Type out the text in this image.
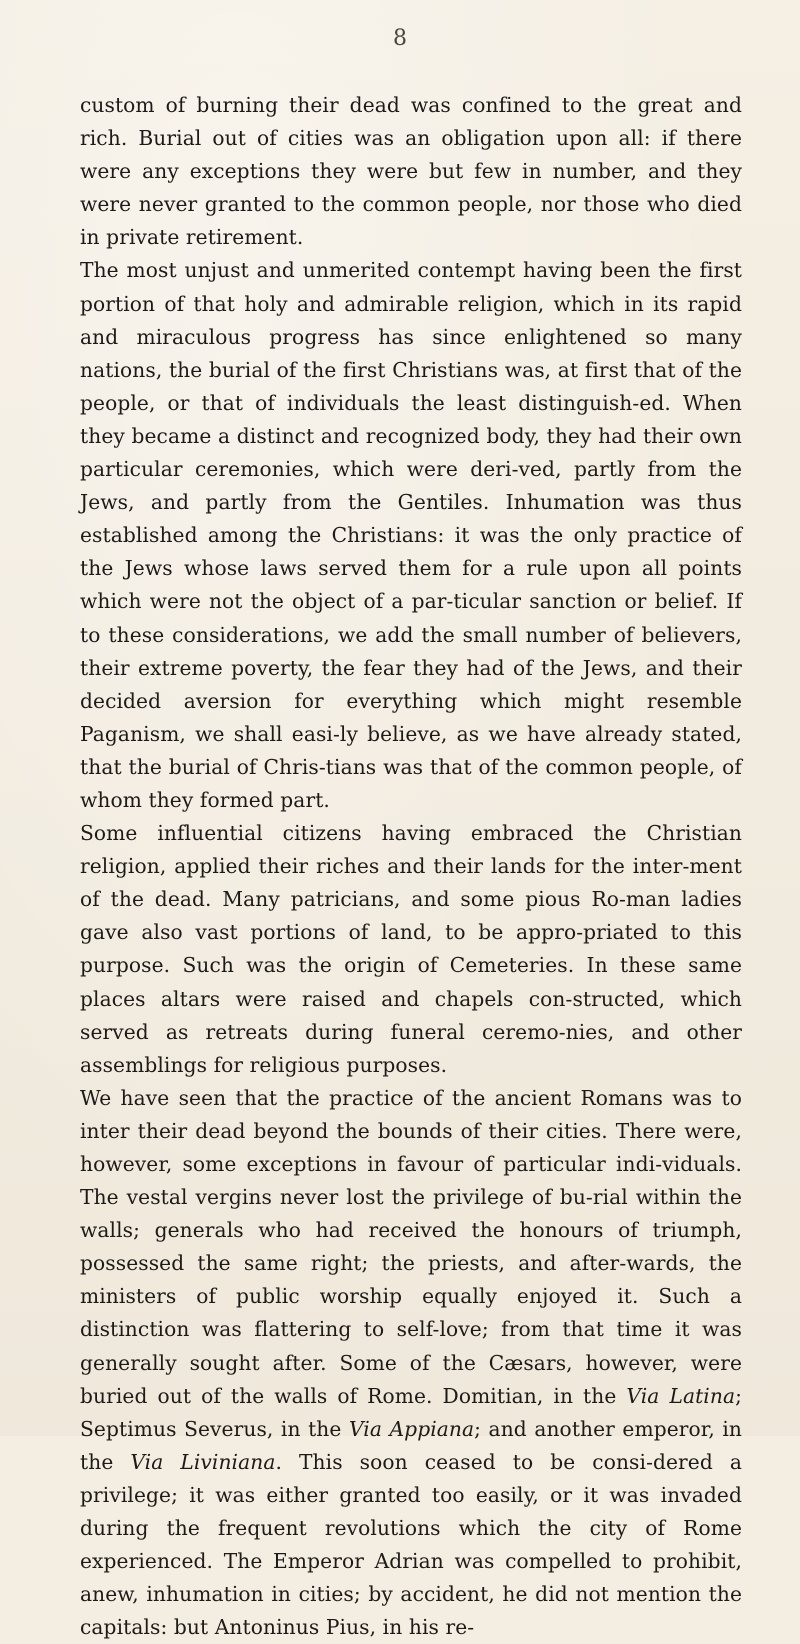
8

custom of burning their dead was confined to the great and rich. Burial out of cities was an obligation upon all: if there were any exceptions they were but few in number, and they were never granted to the common people, nor those who died in private retirement.

The most unjust and unmerited contempt having been the first portion of that holy and admirable religion, which in its rapid and miraculous progress has since enlightened so many nations, the burial of the first Christians was, at first that of the people, or that of individuals the least distinguish-ed. When they became a distinct and recognized body, they had their own particular ceremonies, which were deri-ved, partly from the Jews, and partly from the Gentiles. Inhumation was thus established among the Christians: it was the only practice of the Jews whose laws served them for a rule upon all points which were not the object of a par-ticular sanction or belief. If to these considerations, we add the small number of believers, their extreme poverty, the fear they had of the Jews, and their decided aversion for everything which might resemble Paganism, we shall easi-ly believe, as we have already stated, that the burial of Chris-tians was that of the common people, of whom they formed part.

Some influential citizens having embraced the Christian religion, applied their riches and their lands for the inter-ment of the dead. Many patricians, and some pious Ro-man ladies gave also vast portions of land, to be appro-priated to this purpose. Such was the origin of Cemeteries. In these same places altars were raised and chapels con-structed, which served as retreats during funeral ceremo-nies, and other assemblings for religious purposes.

We have seen that the practice of the ancient Romans was to inter their dead beyond the bounds of their cities. There were, however, some exceptions in favour of particular indi-viduals. The vestal vergins never lost the privilege of bu-rial within the walls; generals who had received the honours of triumph, possessed the same right; the priests, and after-wards, the ministers of public worship equally enjoyed it. Such a distinction was flattering to self-love; from that time it was generally sought after. Some of the Cæsars, however, were buried out of the walls of Rome. Domitian, in the Via Latina; Septimus Severus, in the Via Appiana; and another emperor, in the Via Liviniana. This soon ceased to be consi-dered a privilege; it was either granted too easily, or it was invaded during the frequent revolutions which the city of Rome experienced. The Emperor Adrian was compelled to prohibit, anew, inhumation in cities; by accident, he did not mention the capitals: but Antoninus Pius, in his re-
